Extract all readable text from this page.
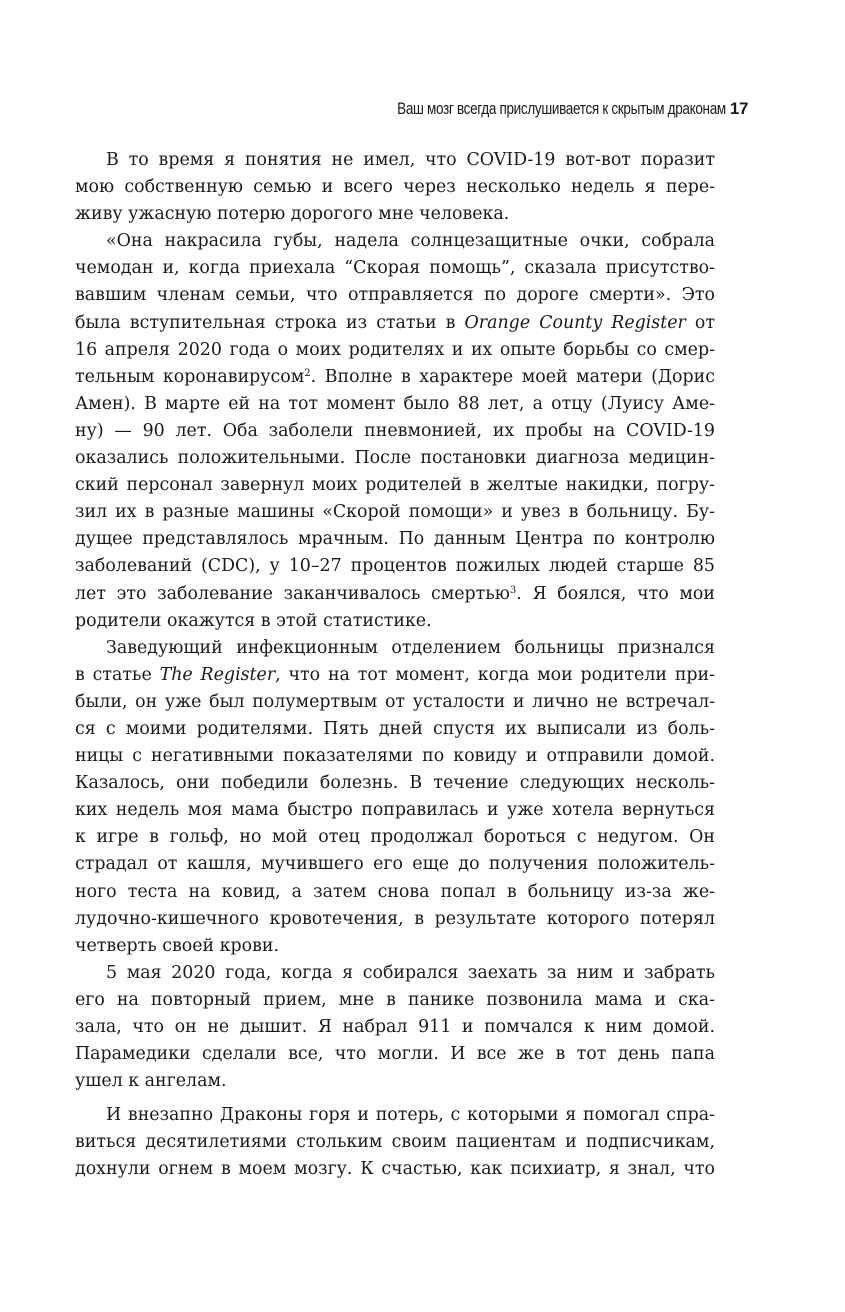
Ваш мозг всегда прислушивается к скрытым драконам 17
В то время я понятия не имел, что COVID-19 вот-вот поразит
мою собственную семью и всего через несколько недель я пере-
живу ужасную потерю дорогого мне человека.
«Она накрасила губы, надела солнцезащитные очки, собрала
чемодан и, когда приехала “Скорая помощь”, сказала присутство-
вавшим членам семьи, что отправляется по дороге смерти». Это
была вступительная строка из статьи в Orange County Register от
16 апреля 2020 года о моих родителях и их опыте борьбы со смер-
тельным коронавирусом$^2$. Вполне в характере моей матери (Дорис
Амен). В марте ей на тот момент было 88 лет, а отцу (Луису Аме-
ну) — 90 лет. Оба заболели пневмонией, их пробы на COVID-19
оказались положительными. После постановки диагноза медицин-
ский персонал завернул моих родителей в желтые накидки, погру-
зил их в разные машины «Скорой помощи» и увез в больницу. Бу-
дущее представлялось мрачным. По данным Центра по контролю
заболеваний (CDC), у 10–27 процентов пожилых людей старше 85
лет это заболевание заканчивалось смертью$^3$. Я боялся, что мои
родители окажутся в этой статистике.
Заведующий инфекционным отделением больницы признался
в статье The Register, что на тот момент, когда мои родители при-
были, он уже был полумертвым от усталости и лично не встречал-
ся с моими родителями. Пять дней спустя их выписали из боль-
ницы с негативными показателями по ковиду и отправили домой.
Казалось, они победили болезнь. В течение следующих несколь-
ких недель моя мама быстро поправилась и уже хотела вернуться
к игре в гольф, но мой отец продолжал бороться с недугом. Он
страдал от кашля, мучившего его еще до получения положитель-
ного теста на ковид, а затем снова попал в больницу из-за же-
лудочно-кишечного кровотечения, в результате которого потерял
четверть своей крови.
5 мая 2020 года, когда я собирался заехать за ним и забрать
его на повторный прием, мне в панике позвонила мама и ска-
зала, что он не дышит. Я набрал 911 и помчался к ним домой.
Парамедики сделали все, что могли. И все же в тот день папа
ушел к ангелам.
И внезапно Драконы горя и потерь, с которыми я помогал спра-
виться десятилетиями стольким своим пациентам и подписчикам,
дохнули огнем в моем мозгу. К счастью, как психиатр, я знал, что
